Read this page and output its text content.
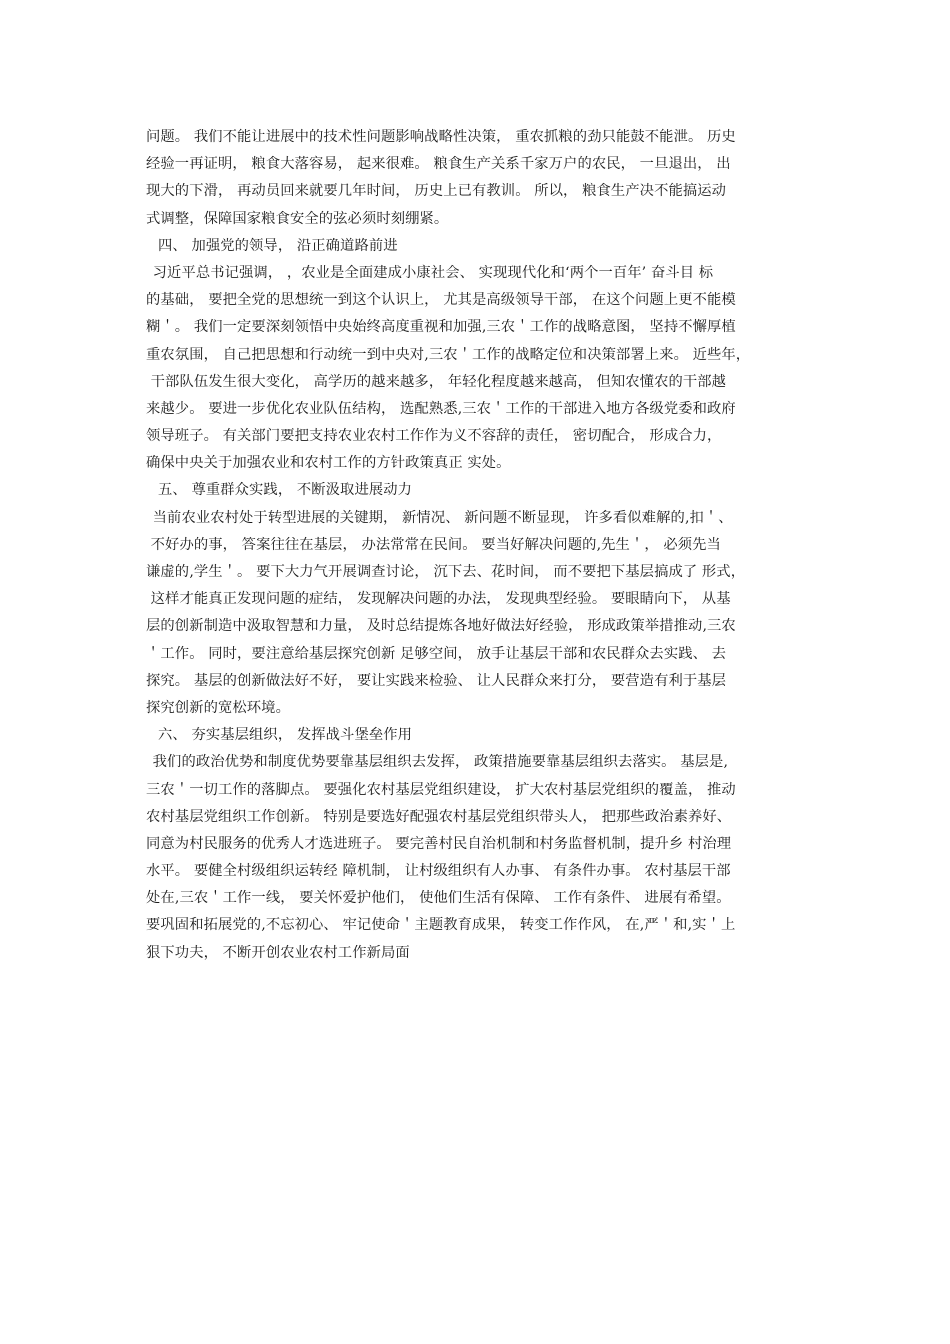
问题。 我们不能让进展中的技术性问题影响战略性决策， 重农抓粮的劲只能鼓不能泄。 历史
经验一再证明， 粮食大落容易， 起来很难。 粮食生产关系千家万户的农民， 一旦退出， 出
现大的下滑， 再动员回来就要几年时间， 历史上已有教训。 所以， 粮食生产决不能搞运动
式调整，保障国家粮食安全的弦必须时刻绷紧。
四、 加强党的领导， 沿正确道路前进
习近平总书记强调， ，农业是全面建成小康社会、 实现现代化和‘两个一百年’ 奋斗目 标
的基础， 要把全党的思想统一到这个认识上， 尤其是高级领导干部， 在这个问题上更不能模
糊＇。 我们一定要深刻领悟中央始终高度重视和加强‚三农＇工作的战略意图， 坚持不懈厚植
重农氛围， 自己把思想和行动统一到中央对‚三农＇工作的战略定位和决策部署上来。 近些年，
干部队伍发生很大变化， 高学历的越来越多， 年轻化程度越来越高， 但知农懂农的干部越
来越少。 要进一步优化农业队伍结构， 选配熟悉‚三农＇工作的干部进入地方各级党委和政府
领导班子。 有关部门要把支持农业农村工作作为义不容辞的责任， 密切配合， 形成合力，
确保中央关于加强农业和农村工作的方针政策真正 实处。
五、 尊重群众实践， 不断汲取进展动力
当前农业农村处于转型进展的关键期， 新情况、 新问题不断显现， 许多看似难解的‚扣＇、
不好办的事， 答案往往在基层， 办法常常在民间。 要当好解决问题的‚先生＇， 必须先当
谦虚的‚学生＇。 要下大力气开展调查讨论， 沉下去、花时间， 而不要把下基层搞成了 形式，
这样才能真正发现问题的症结， 发现解决问题的办法， 发现典型经验。 要眼睛向下， 从基
层的创新制造中汲取智慧和力量， 及时总结提炼各地好做法好经验， 形成政策举措推动‚三农
＇工作。 同时，要注意给基层探究创新 足够空间， 放手让基层干部和农民群众去实践、 去
探究。 基层的创新做法好不好， 要让实践来检验、 让人民群众来打分， 要营造有利于基层
探究创新的宽松环境。
六、 夯实基层组织， 发挥战斗堡垒作用
我们的政治优势和制度优势要靠基层组织去发挥， 政策措施要靠基层组织去落实。 基层是‚
三农＇一切工作的落脚点。 要强化农村基层党组织建设， 扩大农村基层党组织的覆盖， 推动
农村基层党组织工作创新。 特别是要选好配强农村基层党组织带头人， 把那些政治素养好、
同意为村民服务的优秀人才选进班子。 要完善村民自治机制和村务监督机制，提升乡 村治理
水平。 要健全村级组织运转经 障机制， 让村级组织有人办事、 有条件办事。 农村基层干部
处在‚三农＇工作一线， 要关怀爱护他们， 使他们生活有保障、 工作有条件、 进展有希望。
要巩固和拓展党的‚不忘初心、 牢记使命＇主题教育成果， 转变工作作风， 在‚严＇和‚实＇上
狠下功夫， 不断开创农业农村工作新局面
